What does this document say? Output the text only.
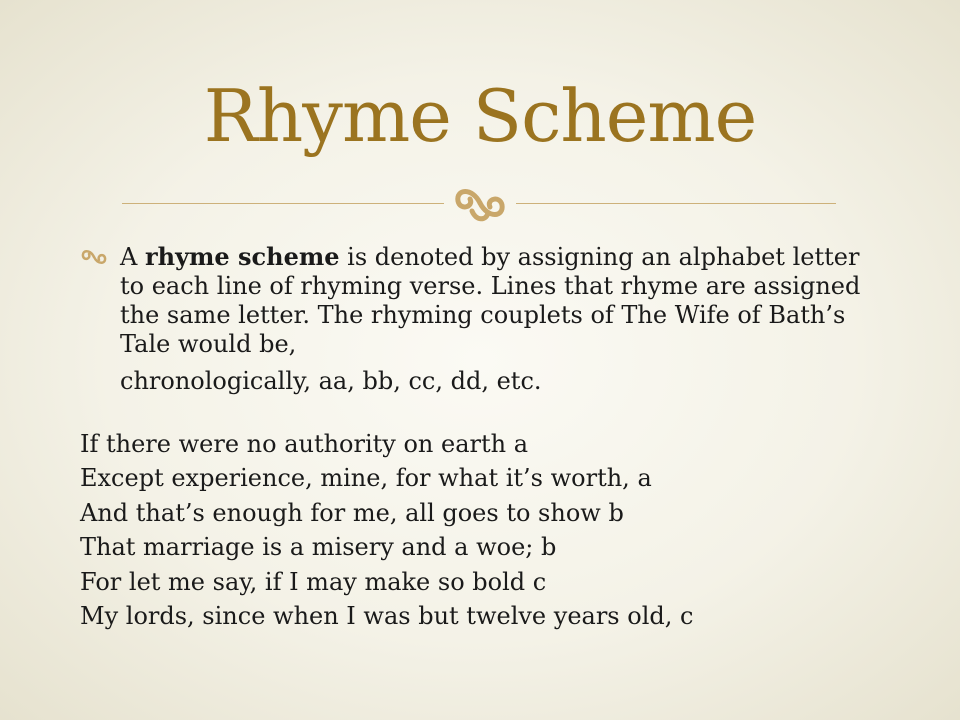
Rhyme Scheme
A rhyme scheme is denoted by assigning an alphabet letter to each line of rhyming verse. Lines that rhyme are assigned the same letter. The rhyming couplets of The Wife of Bath’s Tale would be,
chronologically, aa, bb, cc, dd, etc.
If there were no authority on earth a
Except experience, mine, for what it’s worth, a
And that’s enough for me, all goes to show b
That marriage is a misery and a woe; b
For let me say, if I may make so bold c
My lords, since when I was but twelve years old, c
